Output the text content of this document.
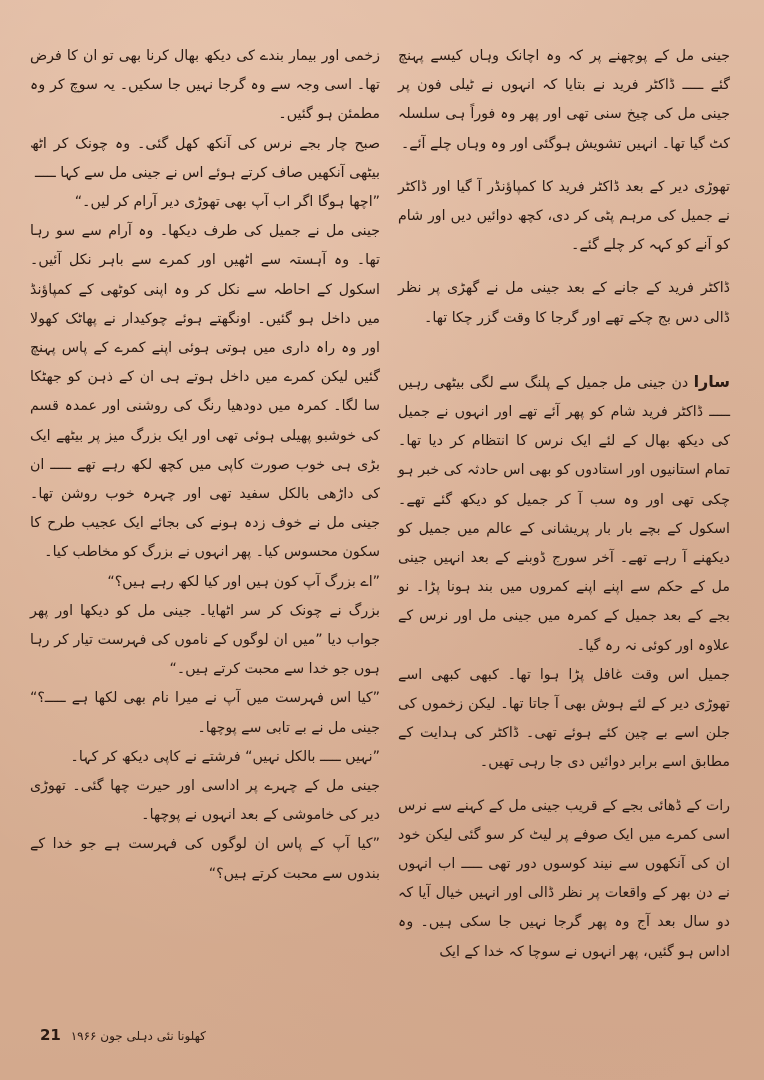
جینی مل کے پوچھنے پر کہ وہ اچانک وہاں کیسے پہنچ گئے ـــــ ڈاکٹر فرید نے بتایا کہ انہوں نے ٹیلی فون پر جینی مل کی چیخ سنی تھی اور پھر وہ فوراً ہی سلسلہ کٹ گیا تھا۔ انہیں تشویش ہوگئی اور وہ وہاں چلے آئے۔

تھوڑی دیر کے بعد ڈاکٹر فرید کا کمپاؤنڈر آ گیا اور ڈاکٹر نے جمیل کی مرہم پٹی کر دی، کچھ دوائیں دیں اور شام کو آنے کو کہہ کر چلے گئے۔

ڈاکٹر فرید کے جانے کے بعد جینی مل نے گھڑی پر نظر ڈالی دس بج چکے تھے اور گرجا کا وقت گزر چکا تھا۔

سارا دن جینی مل جمیل کے پلنگ سے لگی بیٹھی رہیں ـــــ ڈاکٹر فرید شام کو پھر آئے تھے اور انہوں نے جمیل کی دیکھ بھال کے لئے ایک نرس کا انتظام کر دیا تھا۔ تمام استانیوں اور استادوں کو بھی اس حادثہ کی خبر ہو چکی تھی اور وہ سب آ کر جمیل کو دیکھ گئے تھے۔ اسکول کے بچے بار بار پریشانی کے عالم میں جمیل کو دیکھنے آ رہے تھے۔ آخر سورج ڈوبنے کے بعد انہیں جینی مل کے حکم سے اپنے اپنے کمروں میں بند ہونا پڑا۔ نو بجے کے بعد جمیل کے کمرہ میں جینی مل اور نرس کے علاوہ اور کوئی نہ رہ گیا۔

جمیل اس وقت غافل پڑا ہوا تھا۔ کبھی کبھی اسے تھوڑی دیر کے لئے ہوش بھی آ جاتا تھا۔ لیکن زخموں کی جلن اسے بے چین کئے ہوئے تھی۔ ڈاکٹر کی ہدایت کے مطابق اسے برابر دوائیں دی جا رہی تھیں۔

رات کے ڈھائی بجے کے قریب جینی مل کے کہنے سے نرس اسی کمرے میں ایک صوفے پر لیٹ کر سو گئی لیکن خود ان کی آنکھوں سے نیند کوسوں دور تھی ـــــ اب انہوں نے دن بھر کے واقعات پر نظر ڈالی اور انہیں خیال آیا کہ دو سال بعد آج وہ پھر گرجا نہیں جا سکی ہیں۔ وہ اداس ہو گئیں، پھر انہوں نے سوچا کہ خدا کے ایک

زخمی اور بیمار بندے کی دیکھ بھال کرنا بھی تو ان کا فرض تھا۔ اسی وجہ سے وہ گرجا نہیں جا سکیں۔ یہ سوچ کر وہ مطمئن ہو گئیں۔

صبح چار بجے نرس کی آنکھ کھل گئی۔ وہ چونک کر اٹھ بیٹھی آنکھیں صاف کرتے ہوئے اس نے جینی مل سے کہا ـــــ

”اچھا ہوگا اگر اب آپ بھی تھوڑی دیر آرام کر لیں۔“

جینی مل نے جمیل کی طرف دیکھا۔ وہ آرام سے سو رہا تھا۔ وہ آہستہ سے اٹھیں اور کمرے سے باہر نکل آئیں۔ اسکول کے احاطہ سے نکل کر وہ اپنی کوٹھی کے کمپاؤنڈ میں داخل ہو گئیں۔ اونگھتے ہوئے چوکیدار نے پھاٹک کھولا اور وہ راہ داری میں ہوتی ہوئی اپنے کمرے کے پاس پہنچ گئیں لیکن کمرے میں داخل ہوتے ہی ان کے ذہن کو جھٹکا سا لگا۔ کمرہ میں دودھیا رنگ کی روشنی اور عمدہ قسم کی خوشبو پھیلی ہوئی تھی اور ایک بزرگ میز پر بیٹھے ایک بڑی ہی خوب صورت کاپی میں کچھ لکھ رہے تھے ـــــ ان کی داڑھی بالکل سفید تھی اور چہرہ خوب روشن تھا۔ جینی مل نے خوف زدہ ہونے کی بجائے ایک عجیب طرح کا سکون محسوس کیا۔ پھر انہوں نے بزرگ کو مخاطب کیا۔

”اے بزرگ آپ کون ہیں اور کیا لکھ رہے ہیں؟“

بزرگ نے چونک کر سر اٹھایا۔ جینی مل کو دیکھا اور پھر جواب دیا ”میں ان لوگوں کے ناموں کی فہرست تیار کر رہا ہوں جو خدا سے محبت کرتے ہیں۔“

”کیا اس فہرست میں آپ نے میرا نام بھی لکھا ہے ـــــ؟“ جینی مل نے بے تابی سے پوچھا۔

”نہیں ـــــ بالکل نہیں“ فرشتے نے کاپی دیکھ کر کہا۔

جینی مل کے چہرے پر اداسی اور حیرت چھا گئی۔ تھوڑی دیر کی خاموشی کے بعد انہوں نے پوچھا۔

”کیا آپ کے پاس ان لوگوں کی فہرست ہے جو خدا کے بندوں سے محبت کرتے ہیں؟“

21 کھلونا نئی دہلی جون ۱۹۶۶
